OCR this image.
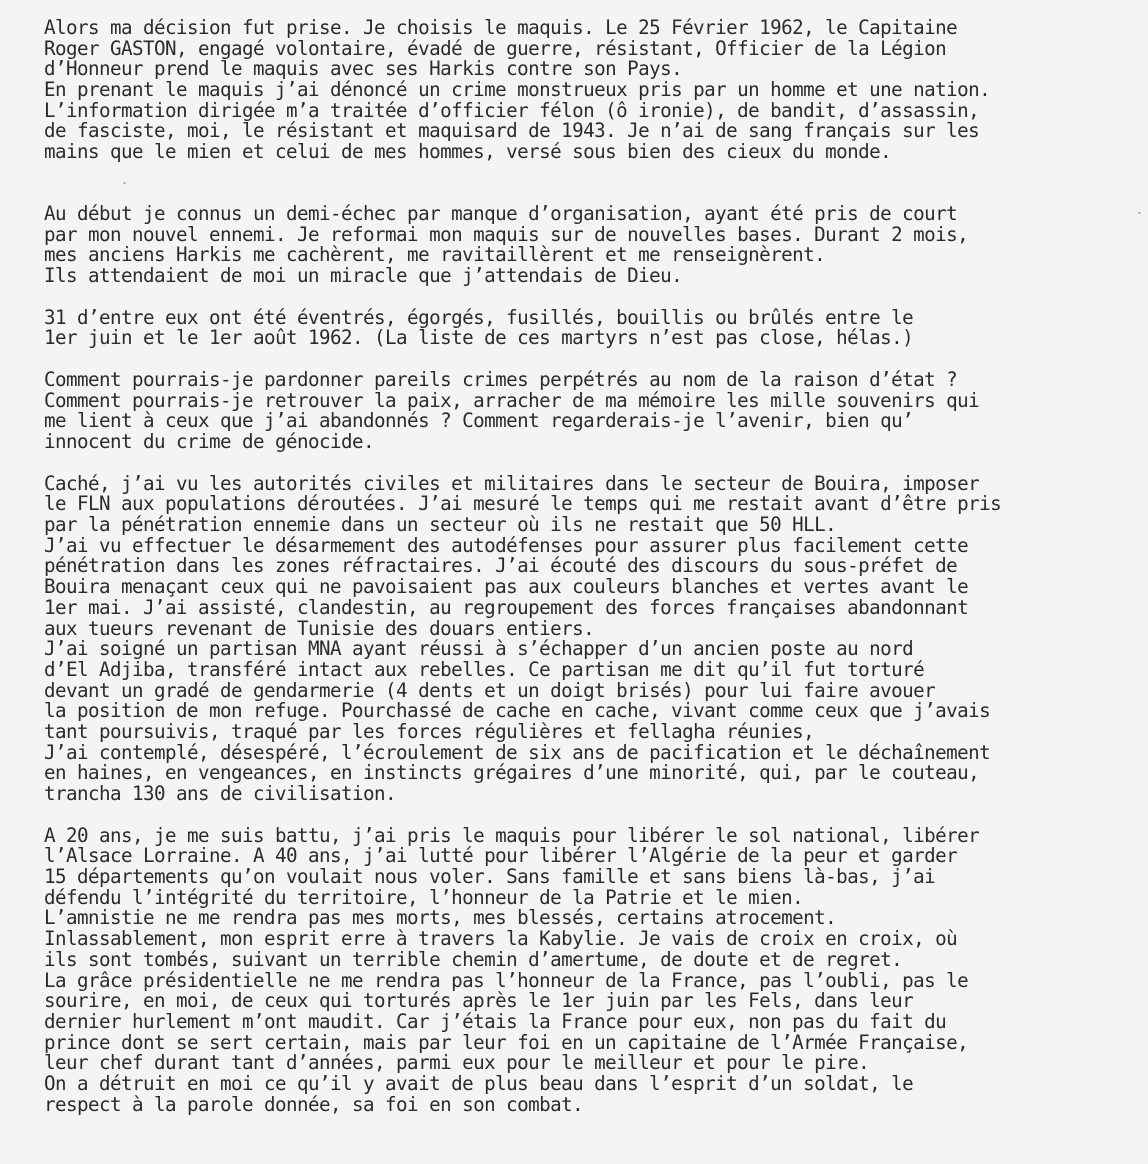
Alors ma décision fut prise. Je choisis le maquis. Le 25 Février 1962, le Capitaine
Roger GASTON, engagé volontaire, évadé de guerre, résistant, Officier de la Légion
d’Honneur prend le maquis avec ses Harkis contre son Pays.
En prenant le maquis j’ai dénoncé un crime monstrueux pris par un homme et une nation.
L’information dirigée m’a traitée d’officier félon (ô ironie), de bandit, d’assassin,
de fasciste, moi, le résistant et maquisard de 1943. Je n’ai de sang français sur les
mains que le mien et celui de mes hommes, versé sous bien des cieux du monde.
Au début je connus un demi-échec par manque d’organisation, ayant été pris de court
par mon nouvel ennemi. Je reformai mon maquis sur de nouvelles bases. Durant 2 mois,
mes anciens Harkis me cachèrent, me ravitaillèrent et me renseignèrent.
Ils attendaient de moi un miracle que j’attendais de Dieu.
31 d’entre eux ont été éventrés, égorgés, fusillés, bouillis ou brûlés entre le
1er juin et le 1er août 1962. (La liste de ces martyrs n’est pas close, hélas.)
Comment pourrais-je pardonner pareils crimes perpétrés au nom de la raison d’état ?
Comment pourrais-je retrouver la paix, arracher de ma mémoire les mille souvenirs qui
me lient à ceux que j’ai abandonnés ? Comment regarderais-je l’avenir, bien qu’
innocent du crime de génocide.
Caché, j’ai vu les autorités civiles et militaires dans le secteur de Bouira, imposer
le FLN aux populations déroutées. J’ai mesuré le temps qui me restait avant d’être pris
par la pénétration ennemie dans un secteur où ils ne restait que 50 HLL.
J’ai vu effectuer le désarmement des autodéfenses pour assurer plus facilement cette
pénétration dans les zones réfractaires. J’ai écouté des discours du sous-préfet de
Bouira menaçant ceux qui ne pavoisaient pas aux couleurs blanches et vertes avant le
1er mai. J’ai assisté, clandestin, au regroupement des forces françaises abandonnant
aux tueurs revenant de Tunisie des douars entiers.
J’ai soigné un partisan MNA ayant réussi à s’échapper d’un ancien poste au nord
d’El Adjiba, transféré intact aux rebelles. Ce partisan me dit qu’il fut torturé
devant un gradé de gendarmerie (4 dents et un doigt brisés) pour lui faire avouer
la position de mon refuge. Pourchassé de cache en cache, vivant comme ceux que j’avais
tant poursuivis, traqué par les forces régulières et fellagha réunies,
J’ai contemplé, désespéré, l’écroulement de six ans de pacification et le déchaînement
en haines, en vengeances, en instincts grégaires d’une minorité, qui, par le couteau,
trancha 130 ans de civilisation.
A 20 ans, je me suis battu, j’ai pris le maquis pour libérer le sol national, libérer
l’Alsace Lorraine. A 40 ans, j’ai lutté pour libérer l’Algérie de la peur et garder
15 départements qu’on voulait nous voler. Sans famille et sans biens là-bas, j’ai
défendu l’intégrité du territoire, l’honneur de la Patrie et le mien.
L’amnistie ne me rendra pas mes morts, mes blessés, certains atrocement.
Inlassablement, mon esprit erre à travers la Kabylie. Je vais de croix en croix, où
ils sont tombés, suivant un terrible chemin d’amertume, de doute et de regret.
La grâce présidentielle ne me rendra pas l’honneur de la France, pas l’oubli, pas le
sourire, en moi, de ceux qui torturés après le 1er juin par les Fels, dans leur
dernier hurlement m’ont maudit. Car j’étais la France pour eux, non pas du fait du
prince dont se sert certain, mais par leur foi en un capitaine de l’Armée Française,
leur chef durant tant d’années, parmi eux pour le meilleur et pour le pire.
On a détruit en moi ce qu’il y avait de plus beau dans l’esprit d’un soldat, le
respect à la parole donnée, sa foi en son combat.
